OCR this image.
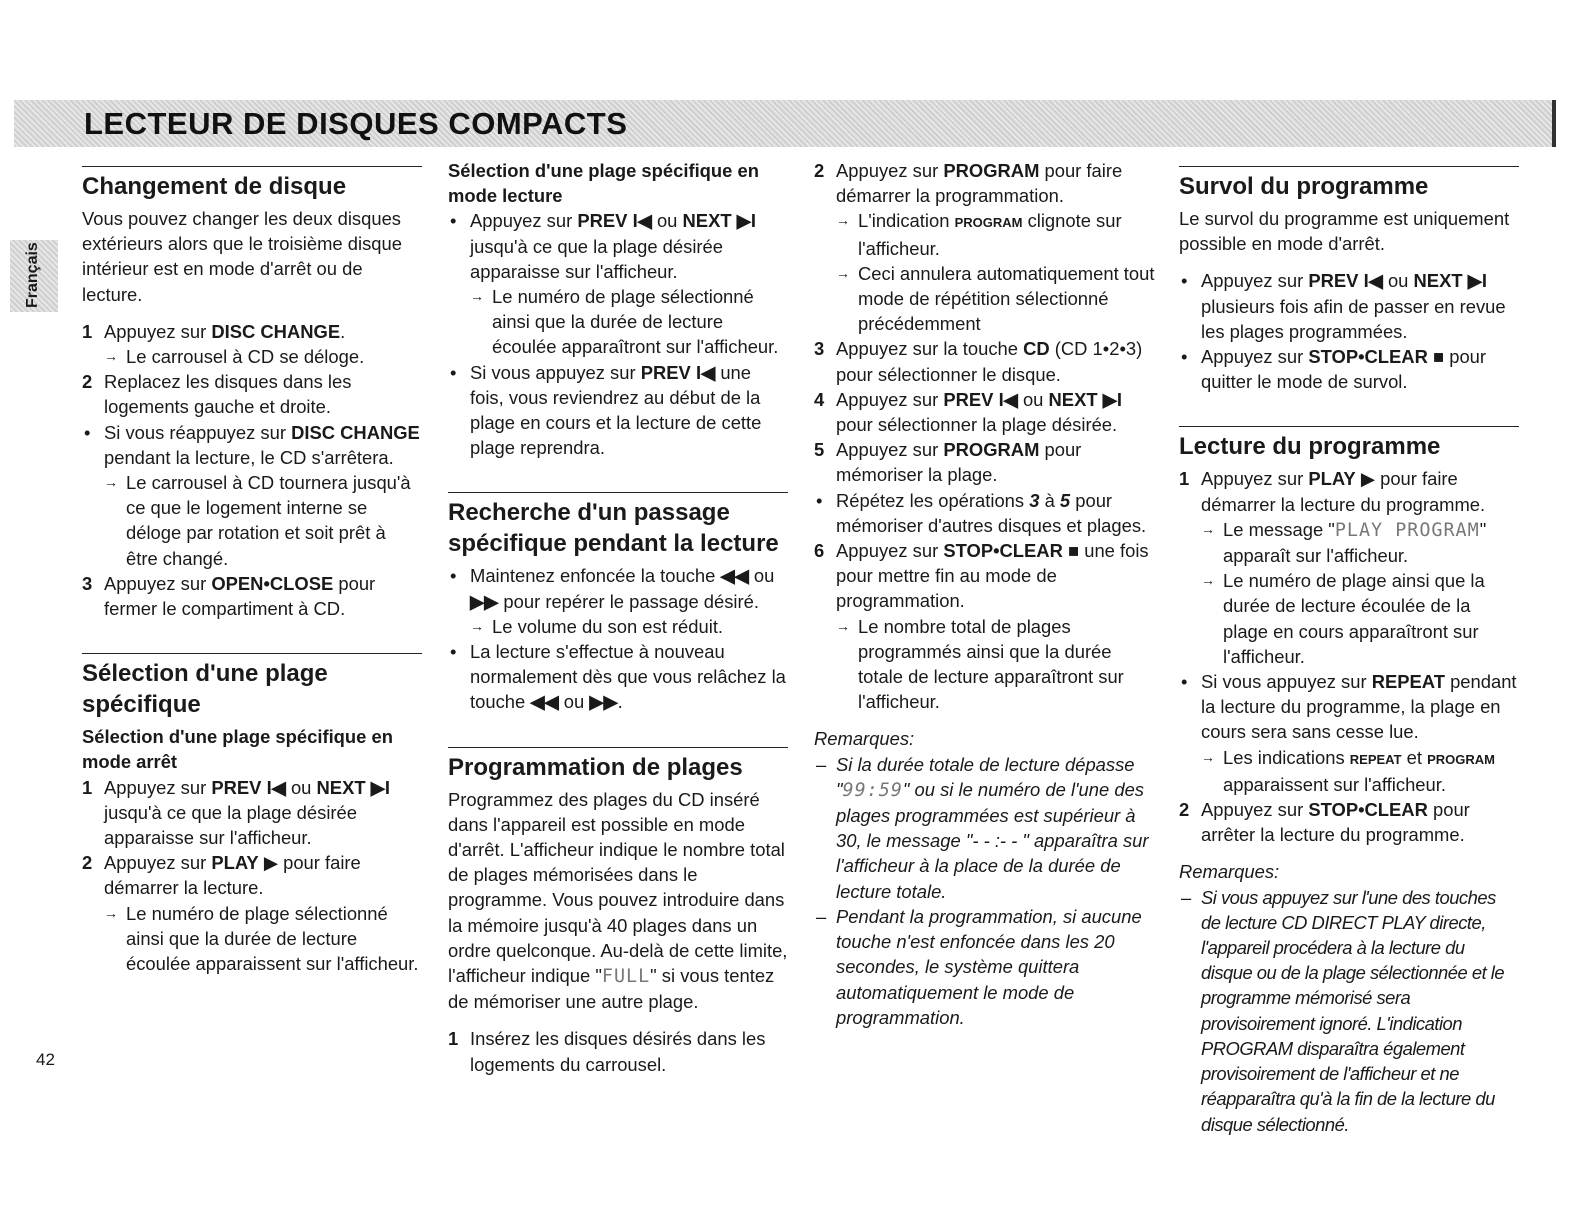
LECTEUR DE DISQUES COMPACTS
Français
42
Changement de disque

Vous pouvez changer les deux disques extérieurs alors que le troisième disque intérieur est en mode d'arrêt ou de lecture.

1 Appuyez sur DISC CHANGE.
→ Le carrousel à CD se déloge.
2 Replacez les disques dans les logements gauche et droite.
• Si vous réappuyez sur DISC CHANGE pendant la lecture, le CD s'arrêtera.
→ Le carrousel à CD tournera jusqu'à ce que le logement interne se déloge par rotation et soit prêt à être changé.
3 Appuyez sur OPEN•CLOSE pour fermer le compartiment à CD.
Sélection d'une plage spécifique
Sélection d'une plage spécifique en mode arrêt
1 Appuyez sur PREV I◀ ou NEXT ▶I jusqu'à ce que la plage désirée apparaisse sur l'afficheur.
2 Appuyez sur PLAY ▶ pour faire démarrer la lecture.
→ Le numéro de plage sélectionné ainsi que la durée de lecture écoulée apparaissent sur l'afficheur.
Sélection d'une plage spécifique en mode lecture
• Appuyez sur PREV I◀ ou NEXT ▶I jusqu'à ce que la plage désirée apparaisse sur l'afficheur.
→ Le numéro de plage sélectionné ainsi que la durée de lecture écoulée apparaîtront sur l'afficheur.
• Si vous appuyez sur PREV I◀ une fois, vous reviendrez au début de la plage en cours et la lecture de cette plage reprendra.
Recherche d'un passage spécifique pendant la lecture
• Maintenez enfoncée la touche ◀◀ ou ▶▶ pour repérer le passage désiré.
→ Le volume du son est réduit.
• La lecture s'effectue à nouveau normalement dès que vous relâchez la touche ◀◀ ou ▶▶.
Programmation de plages

Programmez des plages du CD inséré dans l'appareil est possible en mode d'arrêt. L'afficheur indique le nombre total de plages mémorisées dans le programme. Vous pouvez introduire dans la mémoire jusqu'à 40 plages dans un ordre quelconque. Au-delà de cette limite, l'afficheur indique "FULL" si vous tentez de mémoriser une autre plage.

1 Insérez les disques désirés dans les logements du carrousel.
2 Appuyez sur PROGRAM pour faire démarrer la programmation.
→ L'indication PROGRAM clignote sur l'afficheur.
→ Ceci annulera automatiquement tout mode de répétition sélectionné précédemment
3 Appuyez sur la touche CD (CD 1•2•3) pour sélectionner le disque.
4 Appuyez sur PREV I◀ ou NEXT ▶I pour sélectionner la plage désirée.
5 Appuyez sur PROGRAM pour mémoriser la plage.
• Répétez les opérations 3 à 5 pour mémoriser d'autres disques et plages.
6 Appuyez sur STOP•CLEAR ■ une fois pour mettre fin au mode de programmation.
→ Le nombre total de plages programmés ainsi que la durée totale de lecture apparaîtront sur l'afficheur.

Remarques:

– Si la durée totale de lecture dépasse "99:59" ou si le numéro de l'une des plages programmées est supérieur à 30, le message "- - :- - " apparaîtra sur l'afficheur à la place de la durée de lecture totale.
– Pendant la programmation, si aucune touche n'est enfoncée dans les 20 secondes, le système quittera automatiquement le mode de programmation.
Survol du programme

Le survol du programme est uniquement possible en mode d'arrêt.

• Appuyez sur PREV I◀ ou NEXT ▶I plusieurs fois afin de passer en revue les plages programmées.
• Appuyez sur STOP•CLEAR ■ pour quitter le mode de survol.
Lecture du programme
1 Appuyez sur PLAY ▶ pour faire démarrer la lecture du programme.
→ Le message "PLAY PROGRAM" apparaît sur l'afficheur.
→ Le numéro de plage ainsi que la durée de lecture écoulée de la plage en cours apparaîtront sur l'afficheur.
• Si vous appuyez sur REPEAT pendant la lecture du programme, la plage en cours sera sans cesse lue.
→ Les indications REPEAT et PROGRAM apparaissent sur l'afficheur.
2 Appuyez sur STOP•CLEAR pour arrêter la lecture du programme.

Remarques:

– Si vous appuyez sur l'une des touches de lecture CD DIRECT PLAY directe, l'appareil procédera à la lecture du disque ou de la plage sélectionnée et le programme mémorisé sera provisoirement ignoré. L'indication PROGRAM disparaîtra également provisoirement de l'afficheur et ne réapparaîtra qu'à la fin de la lecture du disque sélectionné.
